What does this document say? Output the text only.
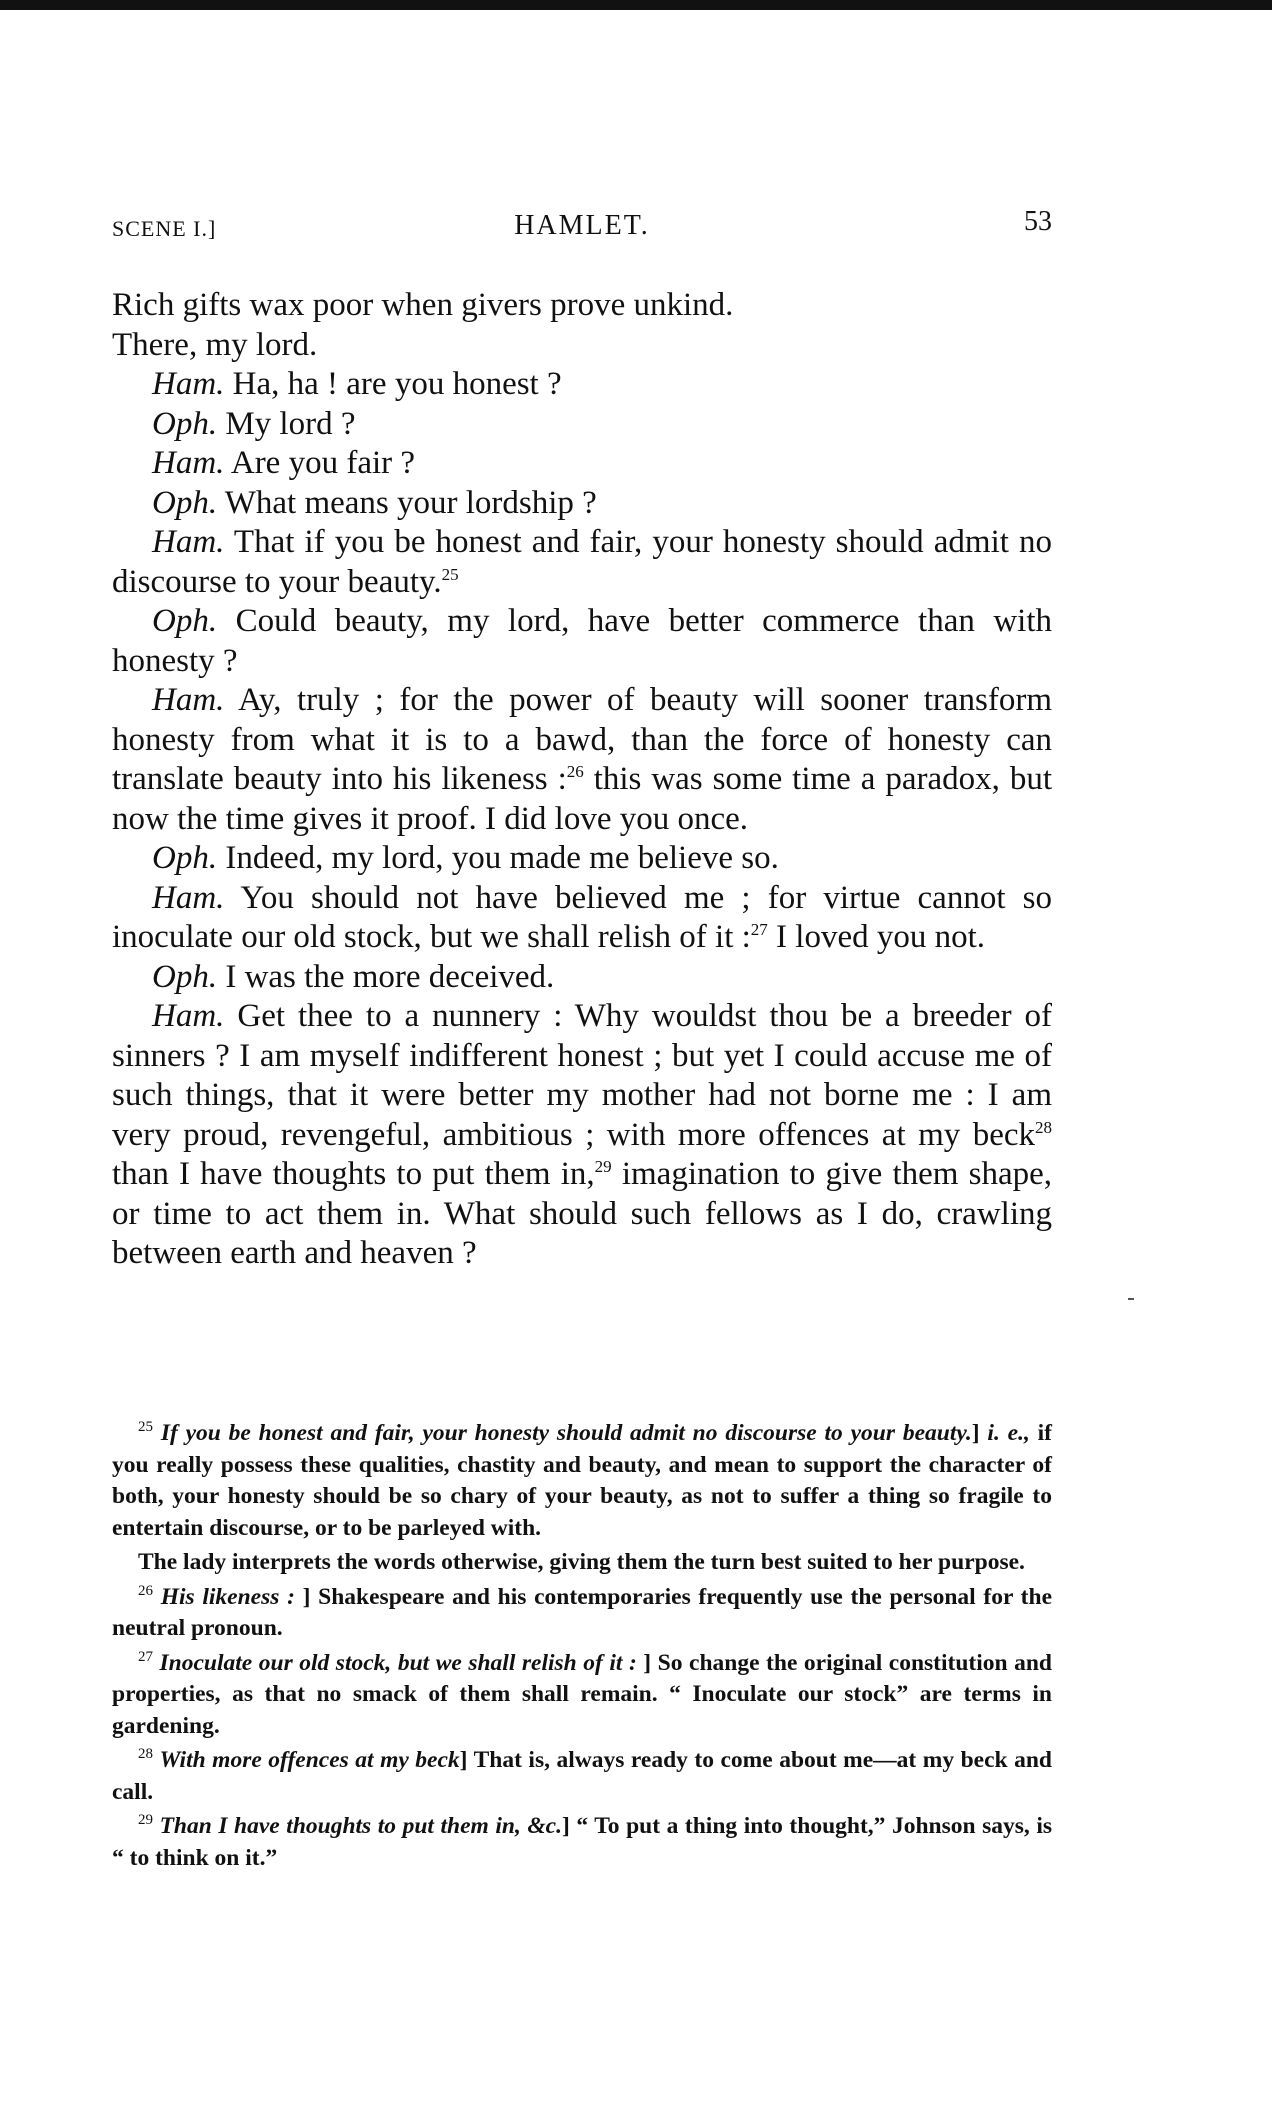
SCENE I.]	HAMLET.	53

Rich gifts wax poor when givers prove unkind.

There, my lord.

Ham. Ha, ha ! are you honest ?

Oph. My lord ?

Ham. Are you fair ?

Oph. What means your lordship ?

Ham. That if you be honest and fair, your honesty should admit no discourse to your beauty.$^{25}$

Oph. Could beauty, my lord, have better commerce than with honesty ?

Ham. Ay, truly ; for the power of beauty will sooner transform honesty from what it is to a bawd, than the force of honesty can translate beauty into his likeness :$^{26}$ this was some time a paradox, but now the time gives it proof. I did love you once.

Oph. Indeed, my lord, you made me believe so.

Ham. You should not have believed me ; for virtue cannot so inoculate our old stock, but we shall relish of it :$^{27}$ I loved you not.

Oph. I was the more deceived.

Ham. Get thee to a nunnery : Why wouldst thou be a breeder of sinners ? I am myself indifferent honest ; but yet I could accuse me of such things, that it were better my mother had not borne me : I am very proud, revengeful, ambitious ; with more offences at my beck$^{28}$ than I have thoughts to put them in,$^{29}$ imagination to give them shape, or time to act them in. What should such fellows as I do, crawling between earth and heaven ?

$^{25}$ If you be honest and fair, your honesty should admit no discourse to your beauty.] i. e., if you really possess these qualities, chastity and beauty, and mean to support the character of both, your honesty should be so chary of your beauty, as not to suffer a thing so fragile to entertain discourse, or to be parleyed with.

The lady interprets the words otherwise, giving them the turn best suited to her purpose.

$^{26}$ His likeness : ] Shakespeare and his contemporaries frequently use the personal for the neutral pronoun.

$^{27}$ Inoculate our old stock, but we shall relish of it : ] So change the original constitution and properties, as that no smack of them shall remain. “ Inoculate our stock” are terms in gardening.

$^{28}$ With more offences at my beck] That is, always ready to come about me—at my beck and call.

$^{29}$ Than I have thoughts to put them in, &c.] “ To put a thing into thought,” Johnson says, is “ to think on it.”
